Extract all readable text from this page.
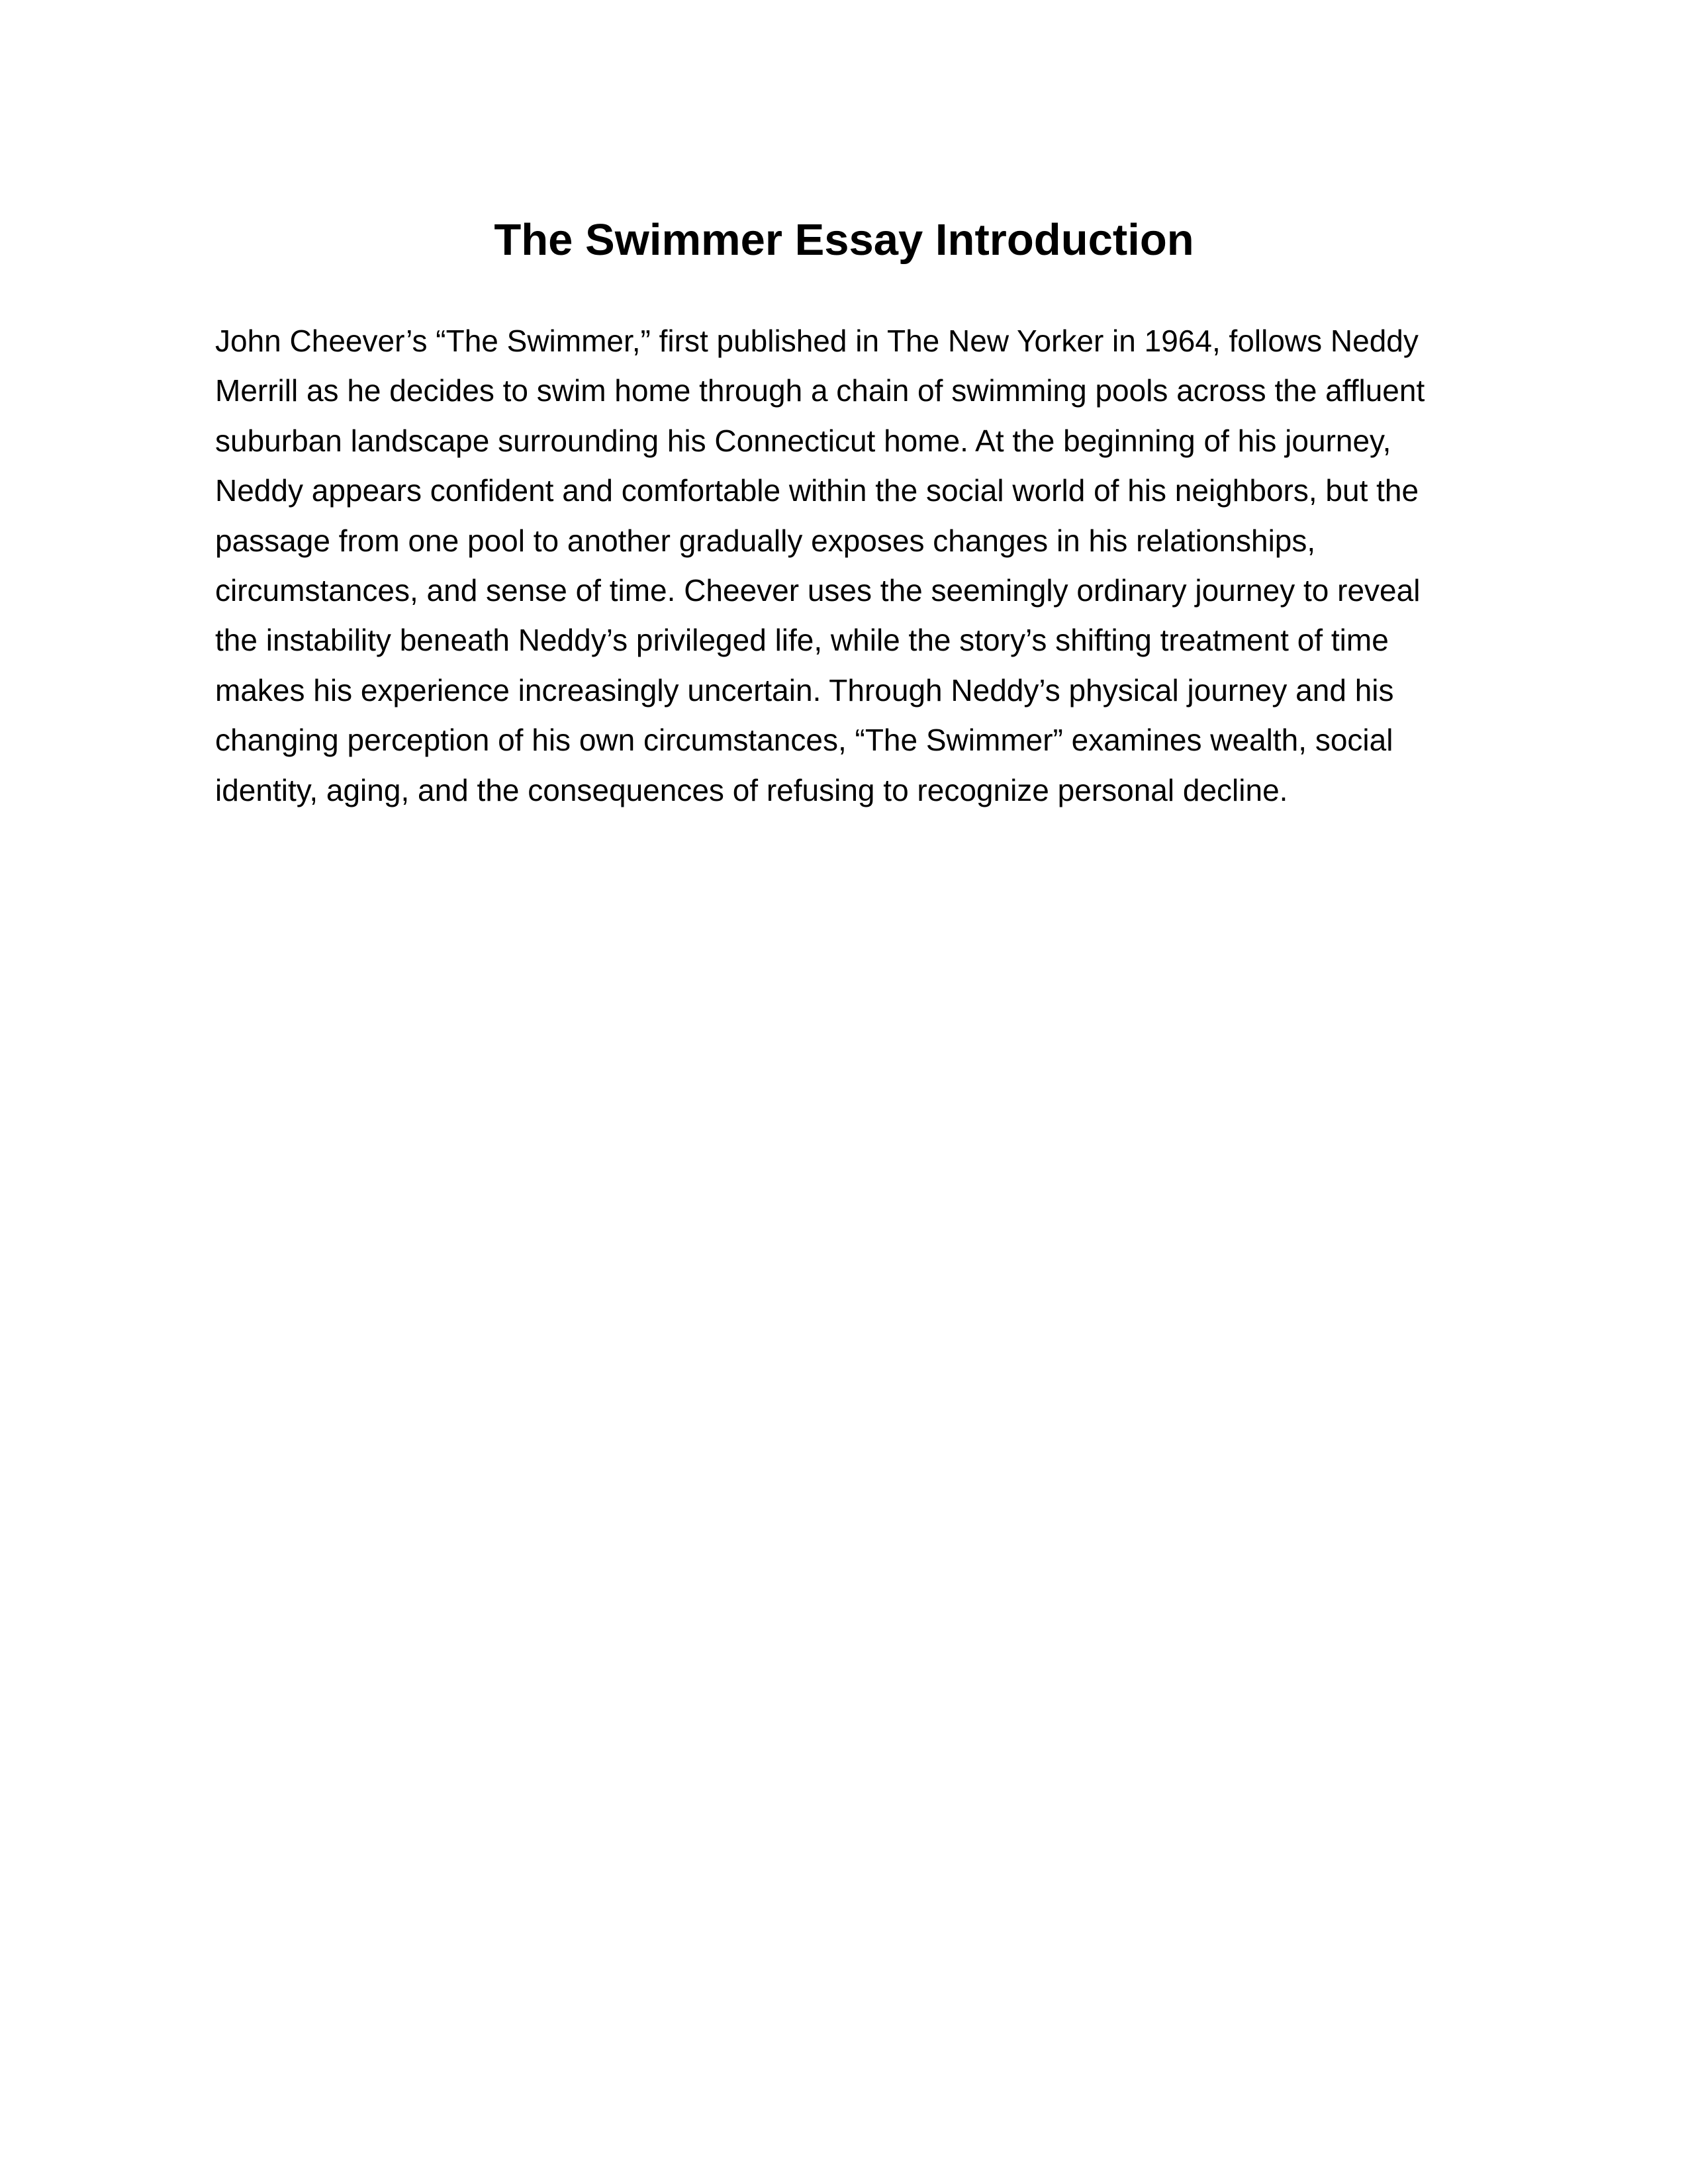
The Swimmer Essay Introduction

John Cheever’s “The Swimmer,” first published in The New Yorker in 1964, follows Neddy
Merrill as he decides to swim home through a chain of swimming pools across the affluent
suburban landscape surrounding his Connecticut home. At the beginning of his journey,
Neddy appears confident and comfortable within the social world of his neighbors, but the
passage from one pool to another gradually exposes changes in his relationships,
circumstances, and sense of time. Cheever uses the seemingly ordinary journey to reveal
the instability beneath Neddy’s privileged life, while the story’s shifting treatment of time
makes his experience increasingly uncertain. Through Neddy’s physical journey and his
changing perception of his own circumstances, “The Swimmer” examines wealth, social
identity, aging, and the consequences of refusing to recognize personal decline.
